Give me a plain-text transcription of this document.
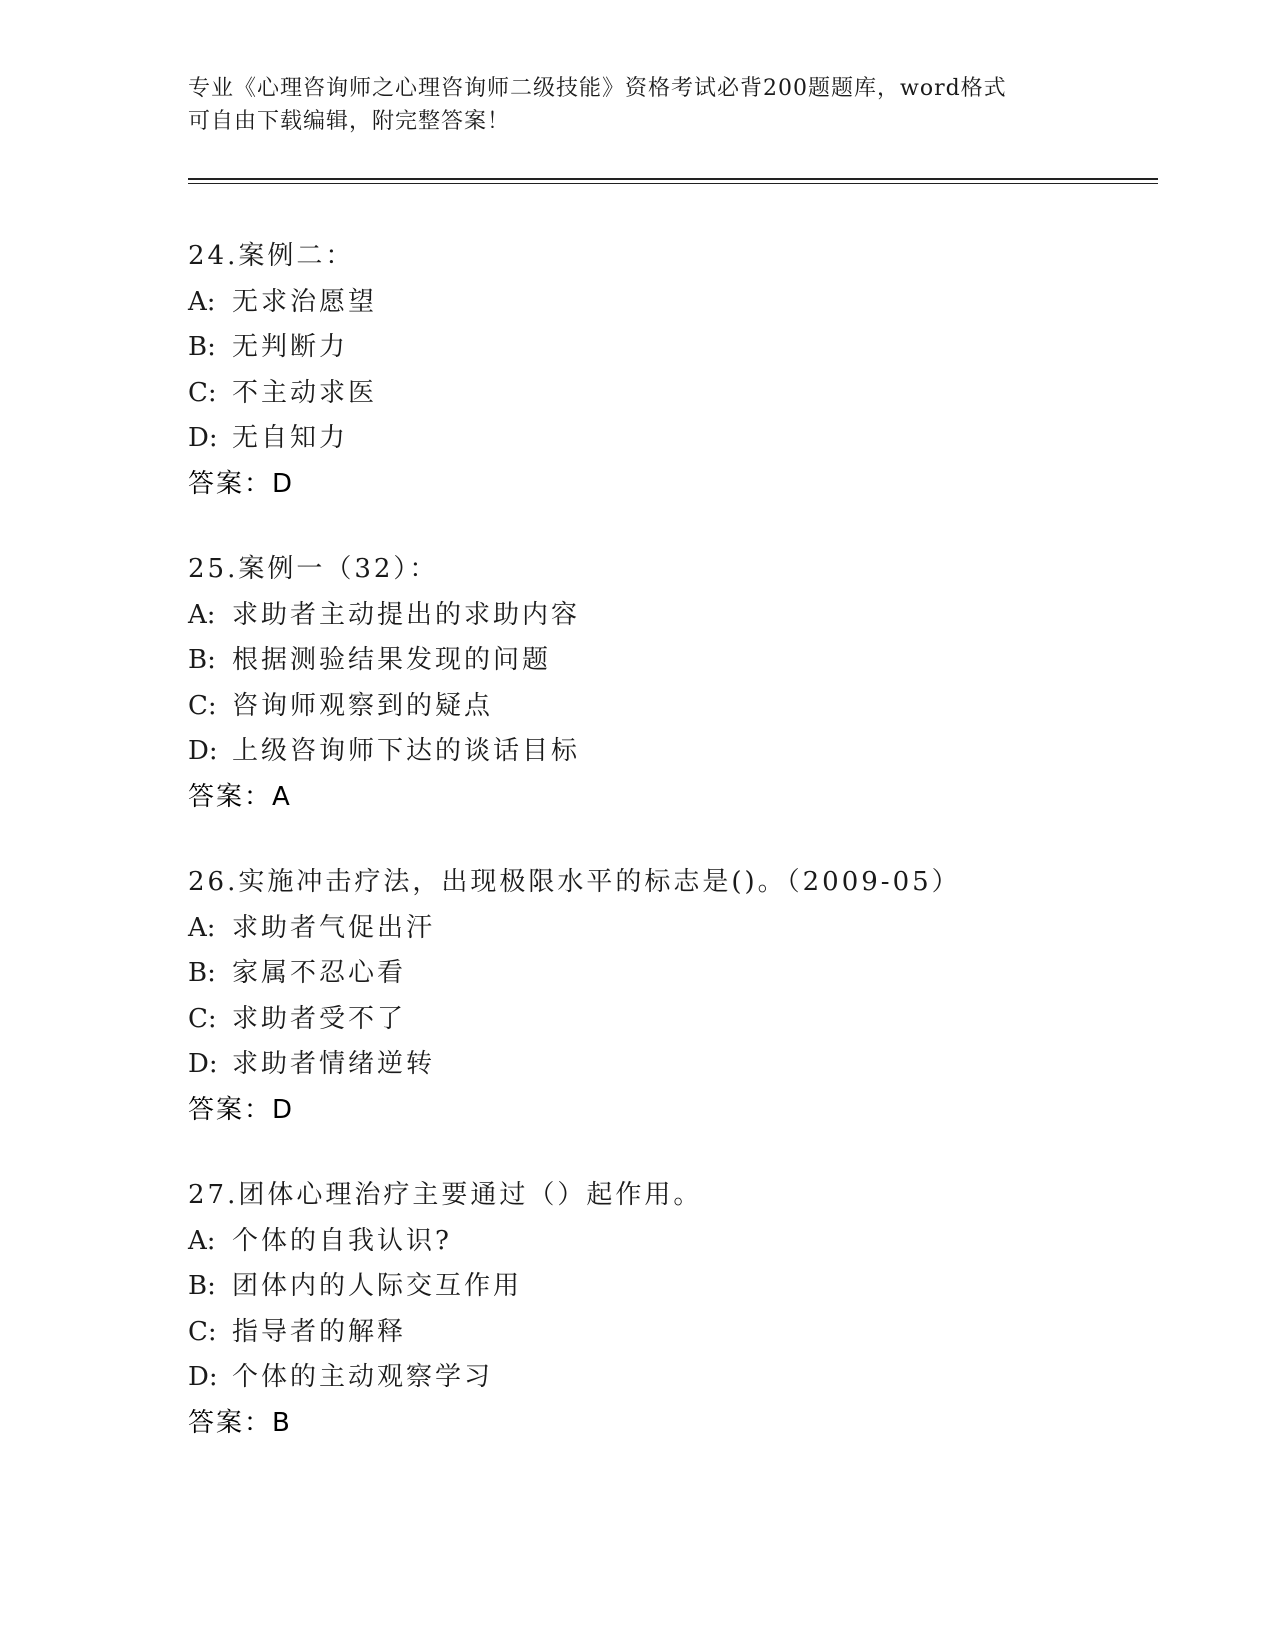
专业《心理咨询师之心理咨询师二级技能》资格考试必背200题题库，word格式
可自由下载编辑，附完整答案！
24.案例二：
A: 无求治愿望
B: 无判断力
C: 不主动求医
D: 无自知力
答案：D
25.案例一（32）：
A: 求助者主动提出的求助内容
B: 根据测验结果发现的问题
C: 咨询师观察到的疑点
D: 上级咨询师下达的谈话目标
答案：A
26.实施冲击疗法，出现极限水平的标志是()。（2009-05）
A: 求助者气促出汗
B: 家属不忍心看
C: 求助者受不了
D: 求助者情绪逆转
答案：D
27.团体心理治疗主要通过（）起作用。
A: 个体的自我认识?
B: 团体内的人际交互作用
C: 指导者的解释
D: 个体的主动观察学习
答案：B
